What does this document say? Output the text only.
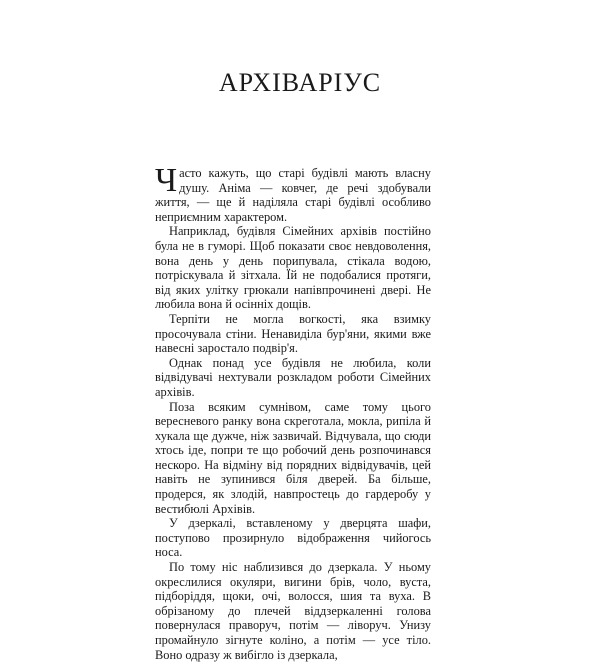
АРХІВАРІУС

Часто кажуть, що старі будівлі мають власну душу. Аніма — ковчег, де речі здобували життя, — ще й наділяла старі будівлі особливо неприємним характером.

Наприклад, будівля Сімейних архівів постійно була не в гуморі. Щоб показати своє невдоволення, вона день у день порипувала, стікала водою, потріскувала й зітхала. Їй не подобалися протяги, від яких улітку грюкали напівпрочинені двері. Не любила вона й осінніх дощів.

Терпіти не могла вогкості, яка взимку просочувала стіни. Ненавиділа бур'яни, якими вже навесні заростало подвір'я.

Однак понад усе будівля не любила, коли відвідувачі нехтували розкладом роботи Сімейних архівів.

Поза всяким сумнівом, саме тому цього вересневого ранку вона скреготала, мокла, рипіла й хукала ще дужче, ніж зазвичай. Відчувала, що сюди хтось іде, попри те що робочий день розпочинався нескоро. На відміну від порядних відвідувачів, цей навіть не зупинився біля дверей. Ба більше, продерся, як злодій, навпростець до гардеробу у вестибюлі Архівів.

У дзеркалі, вставленому у дверцята шафи, поступово прозирнуло відображення чийогось носа.

По тому ніс наблизився до дзеркала. У ньому окреслилися окуляри, вигини брів, чоло, вуста, підборіддя, щоки, очі, волосся, шия та вуха. В обрізаному до плечей віддзеркаленні голова повернулася праворуч, потім — ліворуч. Унизу промайнуло зігнуте коліно, а потім — усе тіло. Воно одразу ж вибігло із дзеркала,
